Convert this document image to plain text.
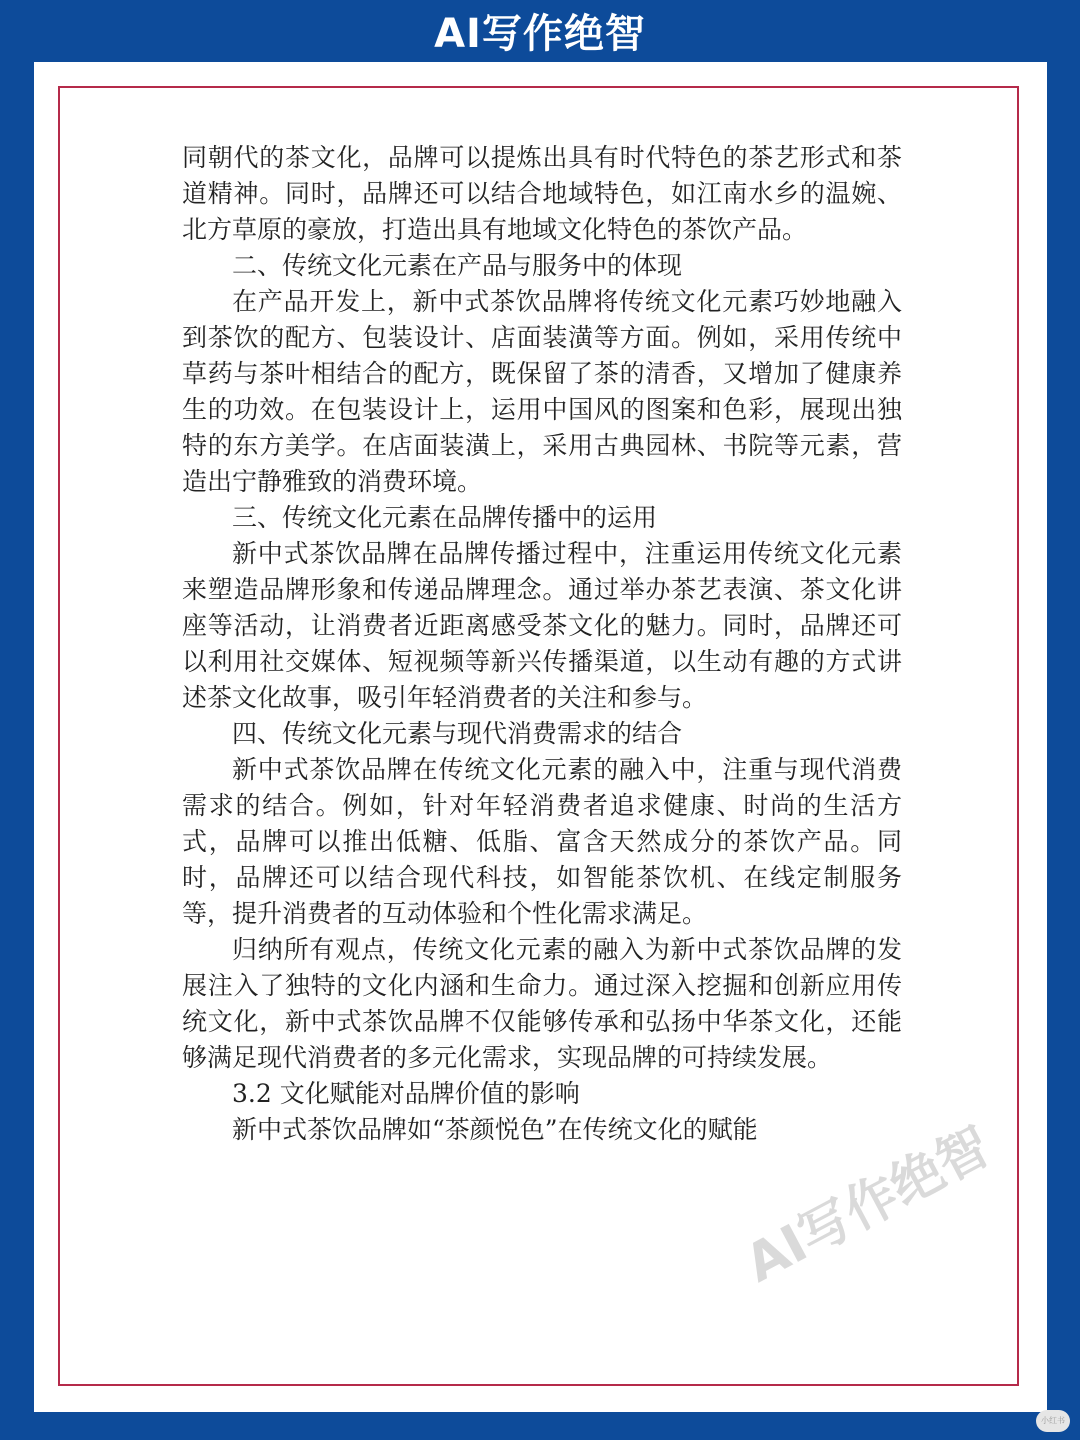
AI写作绝智

同朝代的茶文化，品牌可以提炼出具有时代特色的茶艺形式和茶道精神。同时，品牌还可以结合地域特色，如江南水乡的温婉、北方草原的豪放，打造出具有地域文化特色的茶饮产品。

二、传统文化元素在产品与服务中的体现

在产品开发上，新中式茶饮品牌将传统文化元素巧妙地融入到茶饮的配方、包装设计、店面装潢等方面。例如，采用传统中草药与茶叶相结合的配方，既保留了茶的清香，又增加了健康养生的功效。在包装设计上，运用中国风的图案和色彩，展现出独特的东方美学。在店面装潢上，采用古典园林、书院等元素，营造出宁静雅致的消费环境。

三、传统文化元素在品牌传播中的运用

新中式茶饮品牌在品牌传播过程中，注重运用传统文化元素来塑造品牌形象和传递品牌理念。通过举办茶艺表演、茶文化讲座等活动，让消费者近距离感受茶文化的魅力。同时，品牌还可以利用社交媒体、短视频等新兴传播渠道，以生动有趣的方式讲述茶文化故事，吸引年轻消费者的关注和参与。

四、传统文化元素与现代消费需求的结合

新中式茶饮品牌在传统文化元素的融入中，注重与现代消费需求的结合。例如，针对年轻消费者追求健康、时尚的生活方式，品牌可以推出低糖、低脂、富含天然成分的茶饮产品。同时，品牌还可以结合现代科技，如智能茶饮机、在线定制服务等，提升消费者的互动体验和个性化需求满足。

归纳所有观点，传统文化元素的融入为新中式茶饮品牌的发展注入了独特的文化内涵和生命力。通过深入挖掘和创新应用传统文化，新中式茶饮品牌不仅能够传承和弘扬中华茶文化，还能够满足现代消费者的多元化需求，实现品牌的可持续发展。

3.2 文化赋能对品牌价值的影响

新中式茶饮品牌如“茶颜悦色”在传统文化的赋能

AI写作绝智
小红书
